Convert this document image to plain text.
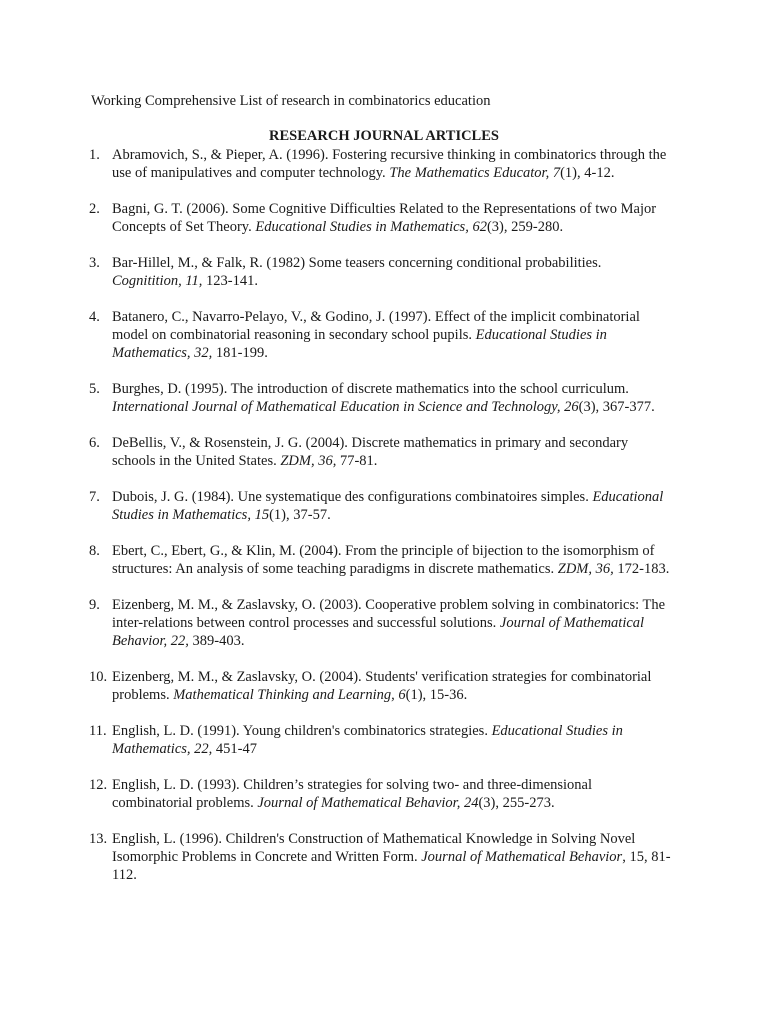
Working Comprehensive List of research in combinatorics education
RESEARCH JOURNAL ARTICLES
1. Abramovich, S., & Pieper, A. (1996). Fostering recursive thinking in combinatorics through the use of manipulatives and computer technology. The Mathematics Educator, 7(1), 4-12.
2. Bagni, G. T. (2006). Some Cognitive Difficulties Related to the Representations of two Major Concepts of Set Theory. Educational Studies in Mathematics, 62(3), 259-280.
3. Bar-Hillel, M., & Falk, R. (1982) Some teasers concerning conditional probabilities. Cognitition, 11, 123-141.
4. Batanero, C., Navarro-Pelayo, V., & Godino, J. (1997). Effect of the implicit combinatorial model on combinatorial reasoning in secondary school pupils. Educational Studies in Mathematics, 32, 181-199.
5. Burghes, D. (1995). The introduction of discrete mathematics into the school curriculum. International Journal of Mathematical Education in Science and Technology, 26(3), 367-377.
6. DeBellis, V., & Rosenstein, J. G. (2004). Discrete mathematics in primary and secondary schools in the United States. ZDM, 36, 77-81.
7. Dubois, J. G. (1984). Une systematique des configurations combinatoires simples. Educational Studies in Mathematics, 15(1), 37-57.
8. Ebert, C., Ebert, G., & Klin, M. (2004). From the principle of bijection to the isomorphism of structures: An analysis of some teaching paradigms in discrete mathematics. ZDM, 36, 172-183.
9. Eizenberg, M. M., & Zaslavsky, O. (2003). Cooperative problem solving in combinatorics: The inter-relations between control processes and successful solutions. Journal of Mathematical Behavior, 22, 389-403.
10. Eizenberg, M. M., & Zaslavsky, O. (2004). Students' verification strategies for combinatorial problems. Mathematical Thinking and Learning, 6(1), 15-36.
11. English, L. D. (1991). Young children's combinatorics strategies. Educational Studies in Mathematics, 22, 451-47
12. English, L. D. (1993). Children’s strategies for solving two- and three-dimensional combinatorial problems. Journal of Mathematical Behavior, 24(3), 255-273.
13. English, L. (1996). Children's Construction of Mathematical Knowledge in Solving Novel Isomorphic Problems in Concrete and Written Form. Journal of Mathematical Behavior, 15, 81-112.
